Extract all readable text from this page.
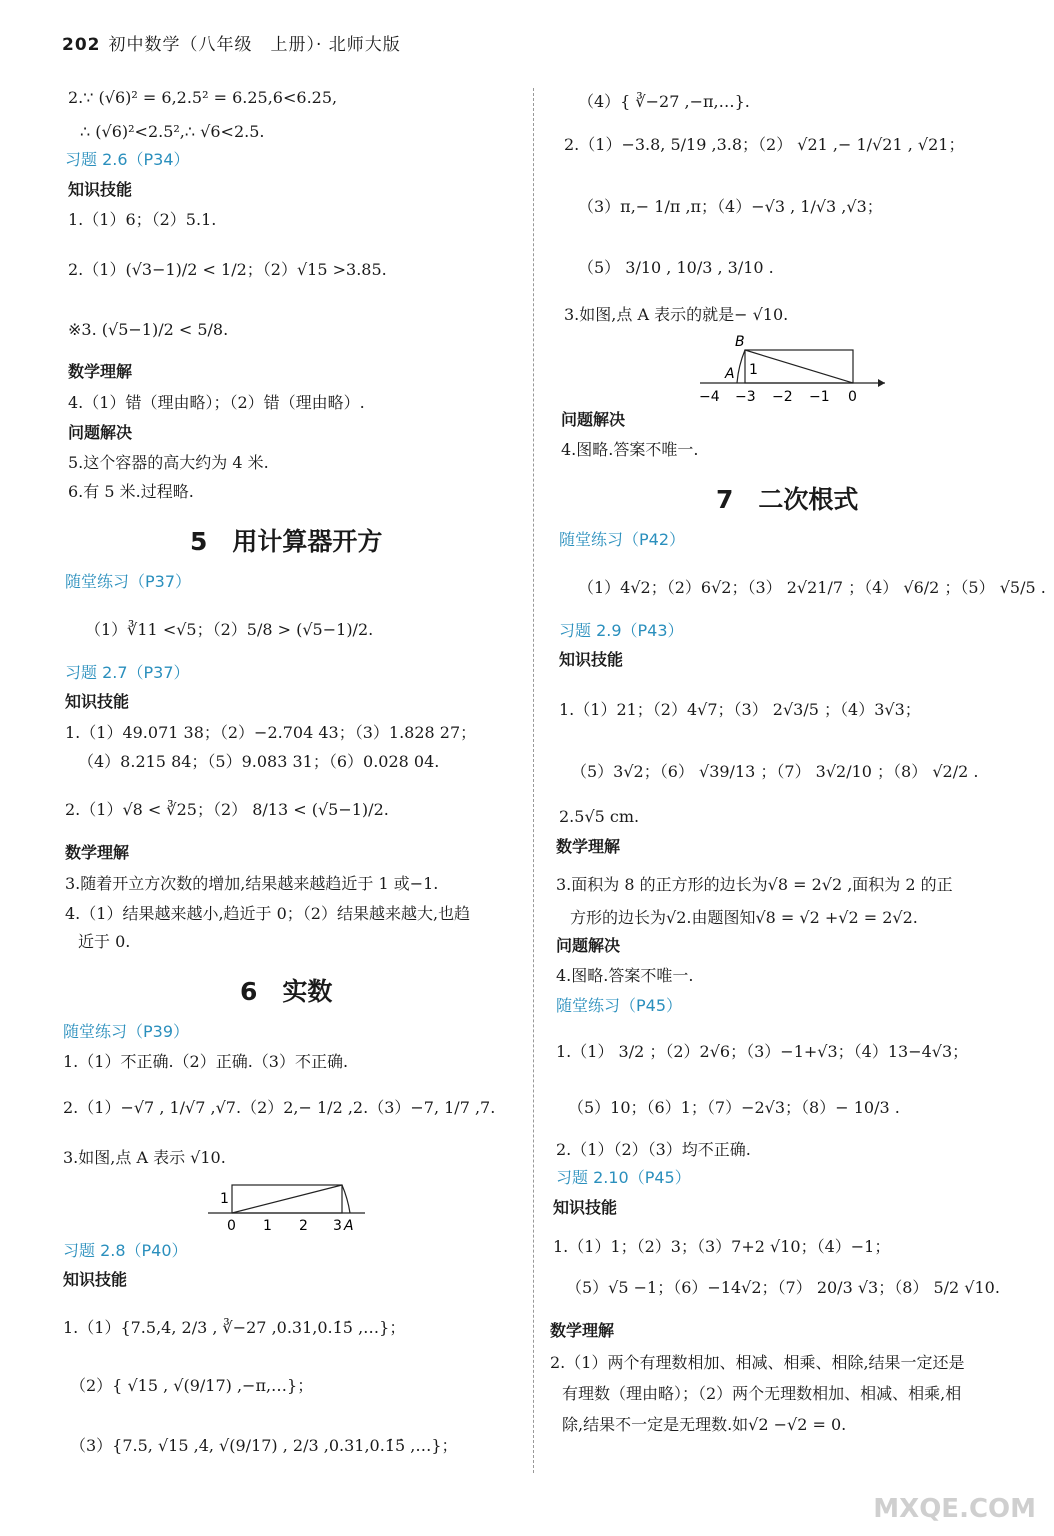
202 初中数学（八年级　上册）· 北师大版
2.∵ (√6)² = 6,2.5² = 6.25,6<6.25,
∴ (√6)²<2.5²,∴ √6<2.5.
习题 2.6（P34）
知识技能
1.（1）6；（2）5.1.
2.（1）(√3−1)/2 < 1/2；（2）√15 >3.85.
※3. (√5−1)/2 < 5/8.
数学理解
4.（1）错（理由略）；（2）错（理由略）.
问题解决
5.这个容器的高大约为 4 米.
6.有 5 米.过程略.
5　用计算器开方
随堂练习（P37）
（1）∛11 <√5；（2）5/8 > (√5−1)/2.
习题 2.7（P37）
知识技能
1.（1）49.071 38；（2）−2.704 43；（3）1.828 27；
（4）8.215 84；（5）9.083 31；（6）0.028 04.
2.（1）√8 < ∛25；（2） 8/13 < (√5−1)/2.
数学理解
3.随着开立方次数的增加,结果越来越趋近于 1 或−1.
4.（1）结果越来越小,趋近于 0；（2）结果越来越大,也趋
近于 0.
6　实数
随堂练习（P39）
1.（1）不正确.（2）正确.（3）不正确.
2.（1）−√7 , 1/√7 ,√7.（2）2,− 1/2 ,2.（3）−7, 1/7 ,7.
3.如图,点 A 表示 √10.
习题 2.8（P40）
知识技能
1.（1）{7.5,4, 2/3 , ∛−27 ,0.31,0.1̇5̇ ,…}；
（2）{ √15 , √(9/17) ,−π,…}；
（3）{7.5, √15 ,4, √(9/17) , 2/3 ,0.31,0.1̇5̇ ,…}；
（4）{ ∛−27 ,−π,…}.
2.（1）−3.8, 5/19 ,3.8；（2） √21 ,− 1/√21 , √21；
（3）π,− 1/π ,π；（4）−√3 , 1/√3 ,√3；
（5） 3/10 , 10/3 , 3/10 .
3.如图,点 A 表示的就是− √10.
问题解决
4.图略.答案不唯一.
7　二次根式
随堂练习（P42）
（1）4√2；（2）6√2；（3） 2√21/7 ；（4） √6/2 ；（5） √5/5 .
习题 2.9（P43）
知识技能
1.（1）21；（2）4√7；（3） 2√3/5 ；（4）3√3；
（5）3√2；（6） √39/13 ；（7） 3√2/10 ；（8） √2/2 .
2.5√5 cm.
数学理解
3.面积为 8 的正方形的边长为√8 = 2√2 ,面积为 2 的正
方形的边长为√2.由题图知√8 = √2 +√2 = 2√2.
问题解决
4.图略.答案不唯一.
随堂练习（P45）
1.（1） 3/2 ；（2）2√6；（3）−1+√3；（4）13−4√3；
（5）10；（6）1；（7）−2√3；（8）− 10/3 .
2.（1）（2）（3）均不正确.
习题 2.10（P45）
知识技能
1.（1）1；（2）3；（3）7+2 √10；（4）−1；
（5）√5 −1；（6）−14√2；（7） 20/3 √3；（8） 5/2 √10.
数学理解
2.（1）两个有理数相加、相减、相乘、相除,结果一定还是
有理数（理由略）；（2）两个无理数相加、相减、相乘,相
除,结果不一定是无理数.如√2 −√2 = 0.
1
0 1 2 3 A
B
A 1
−4 −3 −2 −1 0
MXQE.COM
